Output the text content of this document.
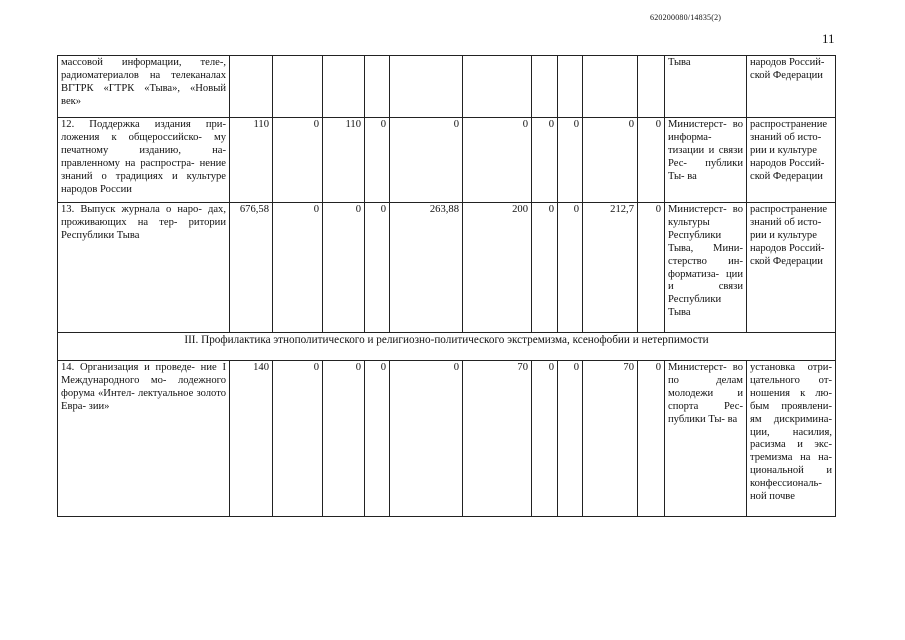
620200080/14835(2)
11
массовой информации, теле-, радиоматериалов на телеканалах ВГТРК «ГТРК «Тыва», «Новый век»											Тыва	народов Россий- ской Федерации
12. Поддержка издания при- ложения к общероссийско- му печатному изданию, на- правленному на распростра- нение знаний о традициях и культуре народов России	110	0	110	0	0	0	0	0	0	0	Министерст- во информа- тизации и связи Рес- публики Ты- ва	распространение знаний об исто- рии и культуре народов Россий- ской Федерации
13. Выпуск журнала о наро- дах, проживающих на тер- ритории Республики Тыва	676,58	0	0	0	263,88	200	0	0	212,7	0	Министерст- во культуры Республики Тыва, Мини- стерство ин- форматиза- ции и связи Республики Тыва	распространение знаний об исто- рии и культуре народов Россий- ской Федерации
III. Профилактика этнополитического и религиозно-политического экстремизма, ксенофобии и нетерпимости												
14. Организация и проведе- ние I Международного мо- лодежного форума «Интел- лектуальное золото Евра- зии»	140	0	0	0	0	70	0	0	70	0	Министерст- во по делам молодежи и спорта Рес- публики Ты- ва	установка отри- цательного от- ношения к лю- бым проявлени- ям дискримина- ции, насилия, расизма и экс- тремизма на на- циональной и конфессиональ- ной почве
